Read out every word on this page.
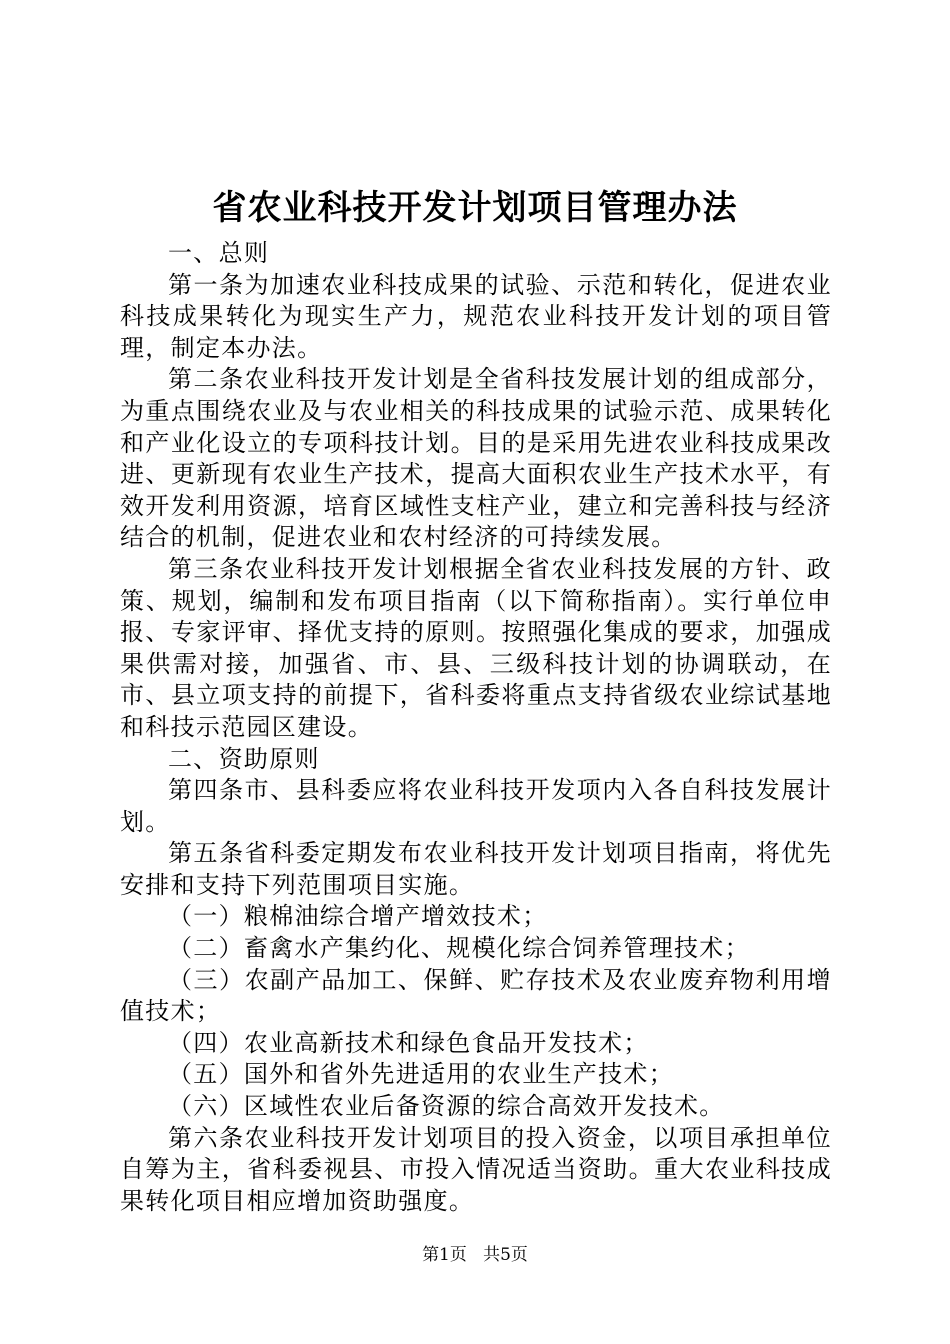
省农业科技开发计划项目管理办法

一、总则

第一条为加速农业科技成果的试验、示范和转化，促进农业科技成果转化为现实生产力，规范农业科技开发计划的项目管理，制定本办法。

第二条农业科技开发计划是全省科技发展计划的组成部分，为重点围绕农业及与农业相关的科技成果的试验示范、成果转化和产业化设立的专项科技计划。目的是采用先进农业科技成果改进、更新现有农业生产技术，提高大面积农业生产技术水平，有效开发利用资源，培育区域性支柱产业，建立和完善科技与经济结合的机制，促进农业和农村经济的可持续发展。

第三条农业科技开发计划根据全省农业科技发展的方针、政策、规划，编制和发布项目指南（以下简称指南）。实行单位申报、专家评审、择优支持的原则。按照强化集成的要求，加强成果供需对接，加强省、市、县、三级科技计划的协调联动，在市、县立项支持的前提下，省科委将重点支持省级农业综试基地和科技示范园区建设。

二、资助原则

第四条市、县科委应将农业科技开发项内入各自科技发展计划。

第五条省科委定期发布农业科技开发计划项目指南，将优先安排和支持下列范围项目实施。

（一）粮棉油综合增产增效技术；

（二）畜禽水产集约化、规模化综合饲养管理技术；

（三）农副产品加工、保鲜、贮存技术及农业废弃物利用增值技术；

（四）农业高新技术和绿色食品开发技术；

（五）国外和省外先进适用的农业生产技术；

（六）区域性农业后备资源的综合高效开发技术。

第六条农业科技开发计划项目的投入资金，以项目承担单位自筹为主，省科委视县、市投入情况适当资助。重大农业科技成果转化项目相应增加资助强度。

第1页 共5页
